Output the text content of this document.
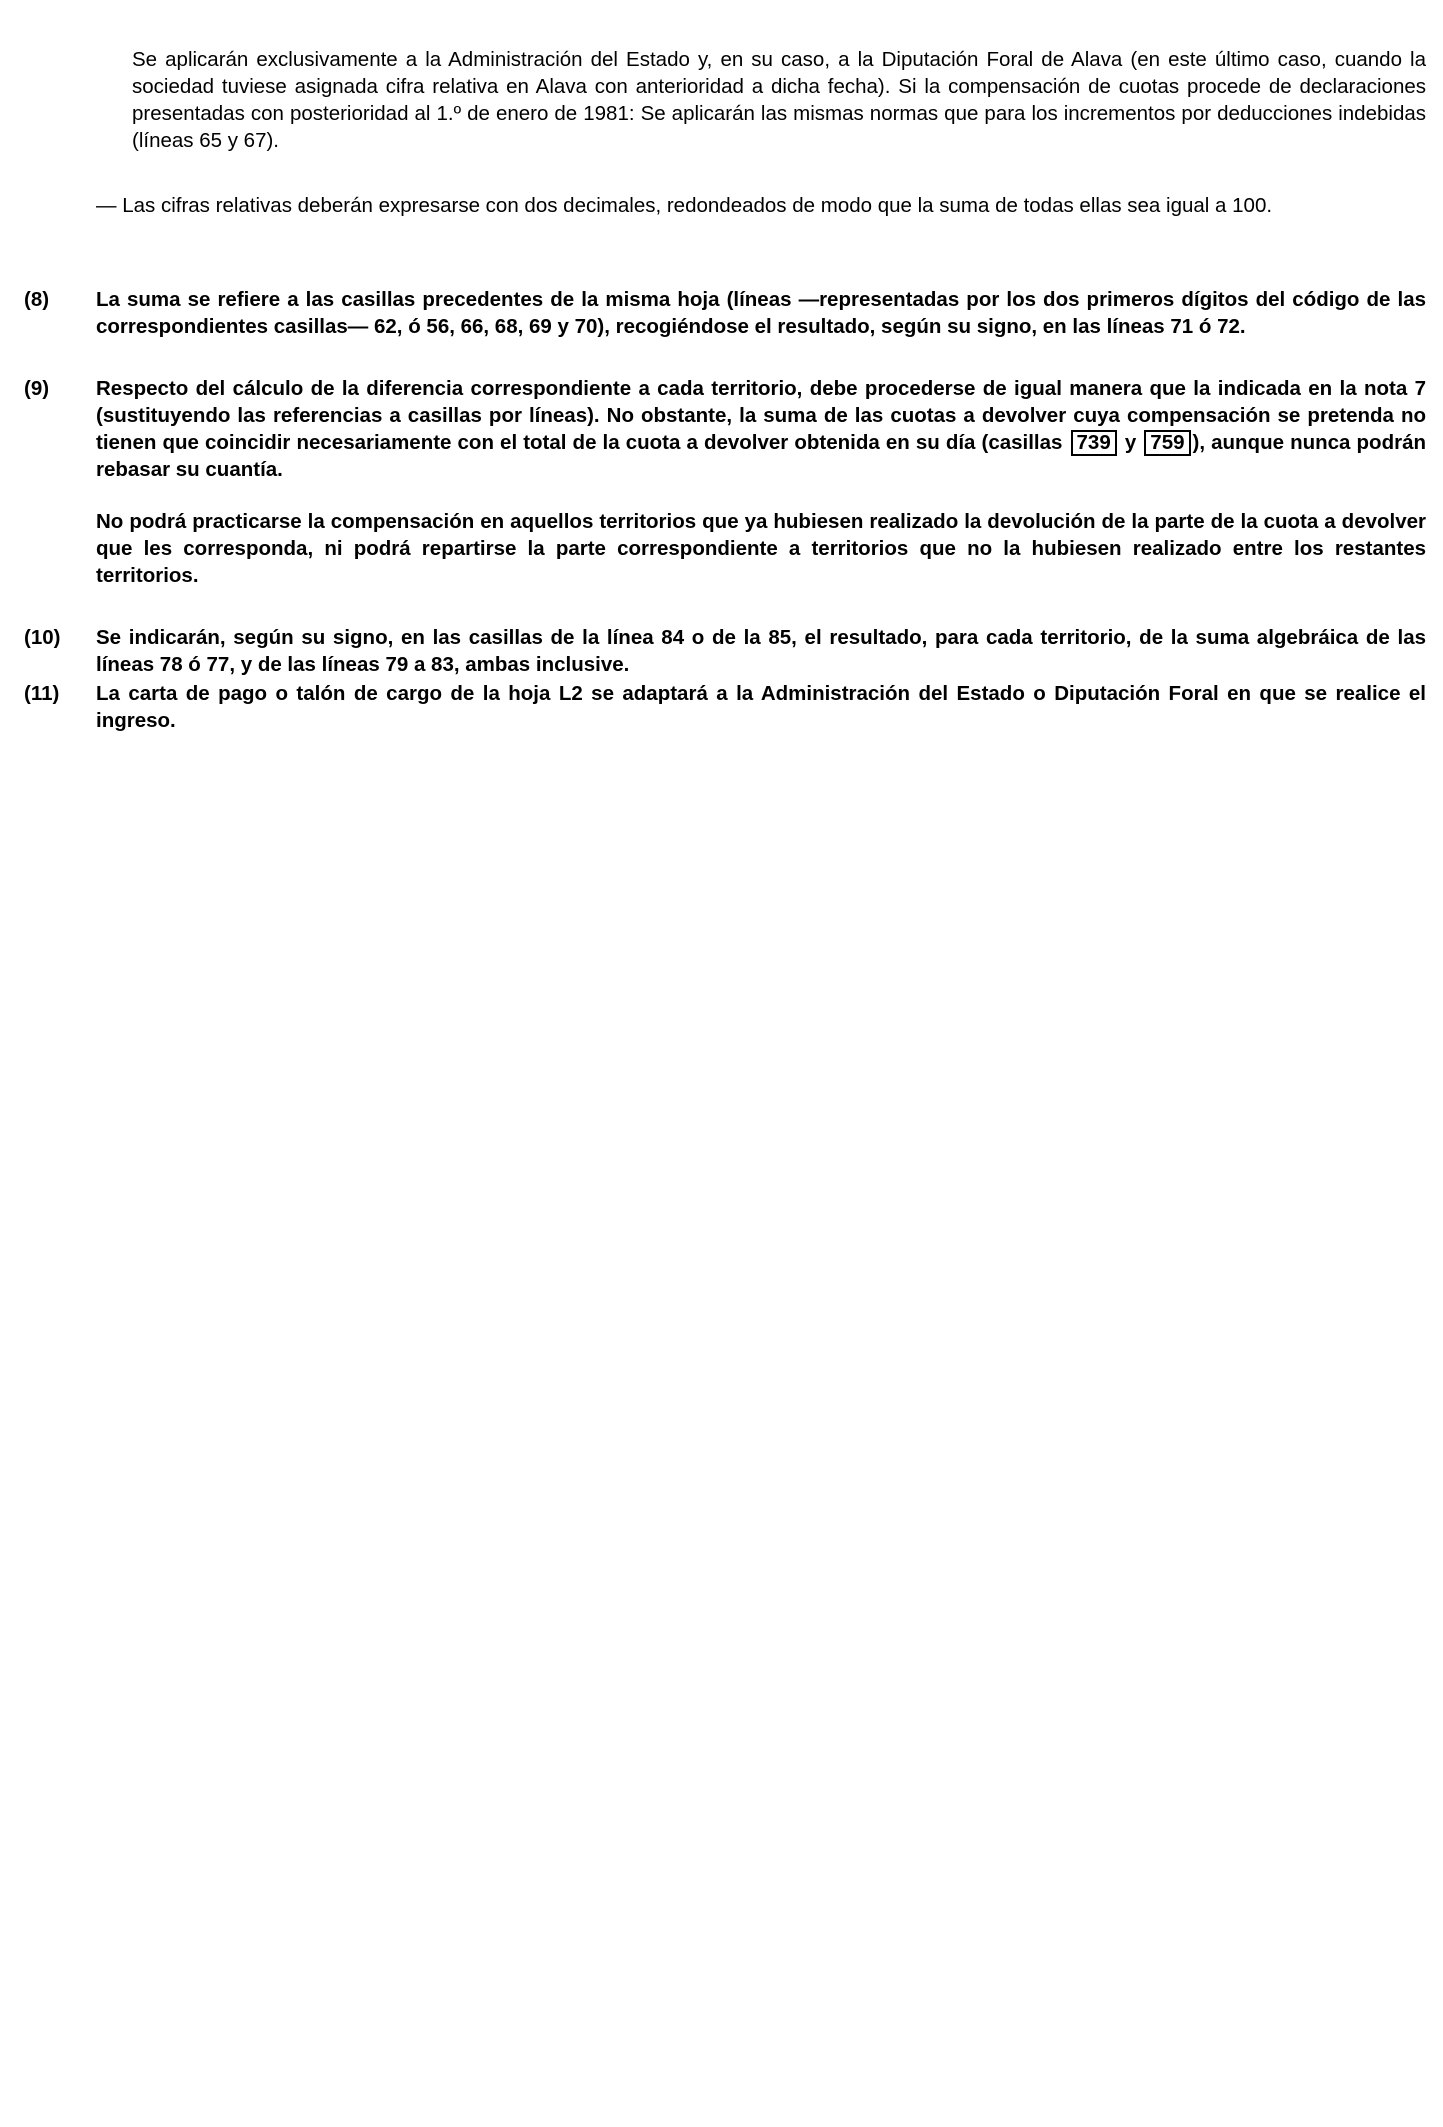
Se aplicarán exclusivamente a la Administración del Estado y, en su caso, a la Diputación Foral de Alava (en este último caso, cuando la sociedad tuviese asignada cifra relativa en Alava con anterioridad a dicha fecha). Si la compensación de cuotas procede de declaraciones presentadas con posterioridad al 1.º de enero de 1981: Se aplicarán las mismas normas que para los incrementos por deducciones indebidas (líneas 65 y 67).
— Las cifras relativas deberán expresarse con dos decimales, redondeados de modo que la suma de todas ellas sea igual a 100.
(8) La suma se refiere a las casillas precedentes de la misma hoja (líneas —representadas por los dos primeros dígitos del código de las correspondientes casillas— 62, ó 56, 66, 68, 69 y 70), recogiéndose el resultado, según su signo, en las líneas 71 ó 72.
(9) Respecto del cálculo de la diferencia correspondiente a cada territorio, debe procederse de igual manera que la indicada en la nota 7 (sustituyendo las referencias a casillas por líneas). No obstante, la suma de las cuotas a devolver cuya compensación se pretenda no tienen que coincidir necesariamente con el total de la cuota a devolver obtenida en su día (casillas 739 y 759 ), aunque nunca podrán rebasar su cuantía.
No podrá practicarse la compensación en aquellos territorios que ya hubiesen realizado la devolución de la parte de la cuota a devolver que les corresponda, ni podrá repartirse la parte correspondiente a territorios que no la hubiesen realizado entre los restantes territorios.
(10) Se indicarán, según su signo, en las casillas de la línea 84 o de la 85, el resultado, para cada territorio, de la suma algebráica de las líneas 78 ó 77, y de las líneas 79 a 83, ambas inclusive.
(11) La carta de pago o talón de cargo de la hoja L2 se adaptará a la Administración del Estado o Diputación Foral en que se realice el ingreso.
